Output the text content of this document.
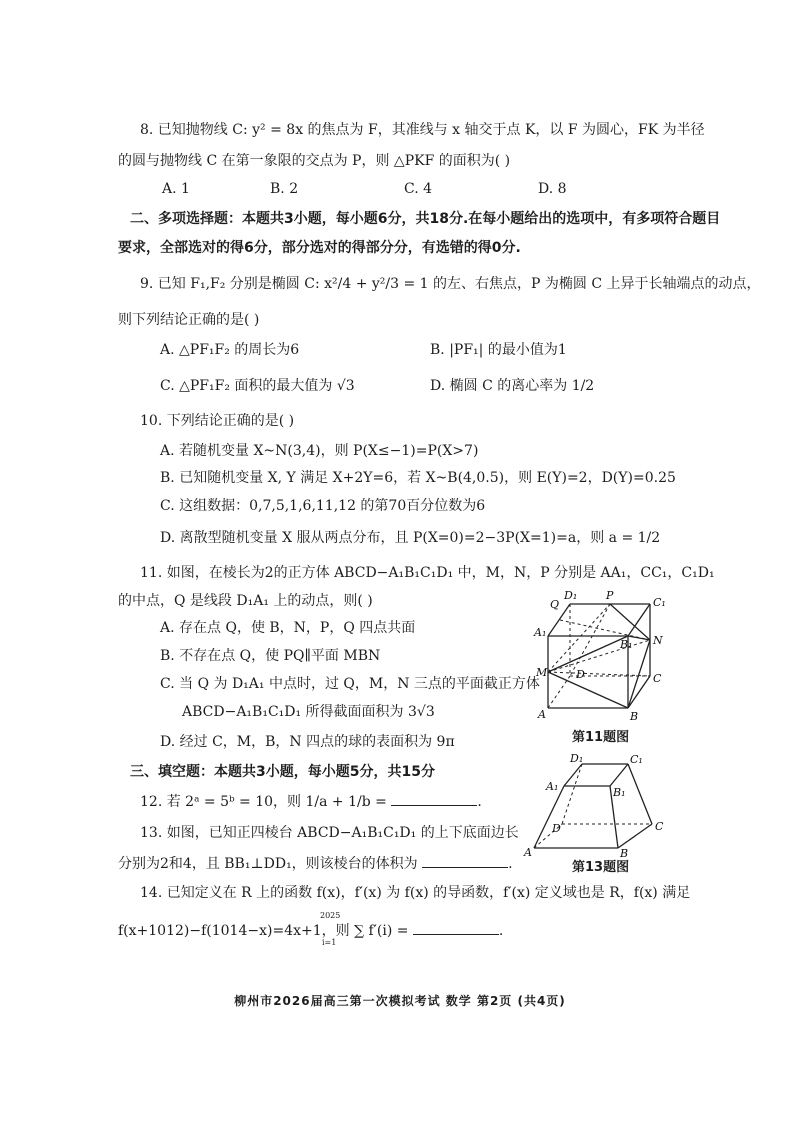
8. 已知抛物线 C: y² = 8x 的焦点为 F，其准线与 x 轴交于点 K，以 F 为圆心，FK 为半径
的圆与抛物线 C 在第一象限的交点为 P，则 △PKF 的面积为( )
A. 1	B. 2	C. 4	D. 8
二、多项选择题：本题共3小题，每小题6分，共18分.在每小题给出的选项中，有多项符合题目
要求，全部选对的得6分，部分选对的得部分分，有选错的得0分.
9. 已知 F₁,F₂ 分别是椭圆 C: x²/4 + y²/3 = 1 的左、右焦点，P 为椭圆 C 上异于长轴端点的动点，
则下列结论正确的是( )
A. △PF₁F₂ 的周长为6	B. |PF₁| 的最小值为1
C. △PF₁F₂ 面积的最大值为 √3	D. 椭圆 C 的离心率为 1/2
10. 下列结论正确的是( )
A. 若随机变量 X~N(3,4)，则 P(X≤−1)=P(X>7)
B. 已知随机变量 X, Y 满足 X+2Y=6，若 X~B(4,0.5)，则 E(Y)=2，D(Y)=0.25
C. 这组数据：0,7,5,1,6,11,12 的第70百分位数为6
D. 离散型随机变量 X 服从两点分布，且 P(X=0)=2−3P(X=1)=a，则 a = 1/2
11. 如图，在棱长为2的正方体 ABCD−A₁B₁C₁D₁ 中，M，N，P 分别是 AA₁，CC₁，C₁D₁
的中点，Q 是线段 D₁A₁ 上的动点，则( )
A. 存在点 Q，使 B，N，P，Q 四点共面
B. 不存在点 Q，使 PQ∥平面 MBN
C. 当 Q 为 D₁A₁ 中点时，过 Q，M，N 三点的平面截正方体
ABCD−A₁B₁C₁D₁ 所得截面面积为 3√3
D. 经过 C，M，B，N 四点的球的表面积为 9π
Q
D₁	P
C₁
A₁
B₁ N
M	D	C
A	B
第11题图
三、填空题：本题共3小题，每小题5分，共15分
12. 若 2ᵃ = 5ᵇ = 10，则 1/a + 1/b =	.
13. 如图，已知正四棱台 ABCD−A₁B₁C₁D₁ 的上下底面边长
分别为2和4，且 BB₁⊥DD₁，则该棱台的体积为	.
D₁	C₁
A₁	B₁
D	C
A	B
第13题图
14. 已知定义在 R 上的函数 f(x)，f′(x) 为 f(x) 的导函数，f′(x) 定义域也是 R，f(x) 满足
f(x+1012)−f(1014−x)=4x+1，则 ∑ f′(i) =	.
2025
i=1
柳州市2026届高三第一次模拟考试 数学 第2页 (共4页)
